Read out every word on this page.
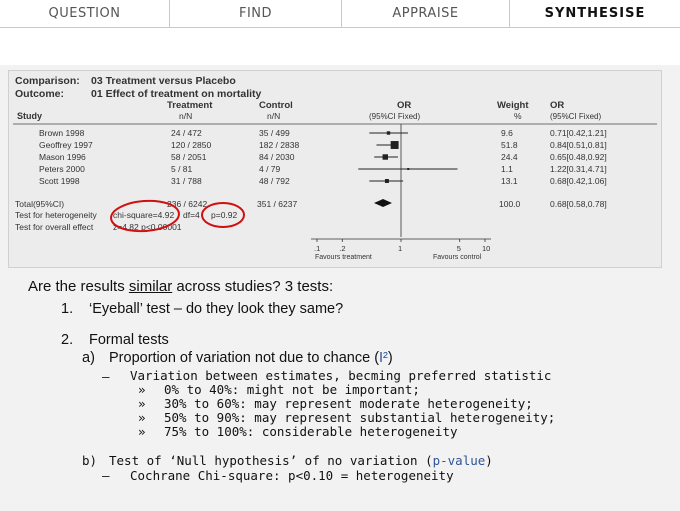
QUESTION	FIND	APPRAISE	SYNTHESISE
Comparison: 03 Treatment versus Placebo
Outcome:	01 Effect of treatment on mortality
Treatment	Control	OR	Weight OR
Study	n/N	n/N	(95%CI Fixed)	%	(95%CI Fixed)
Brown 1998	24 / 472	35 / 499	9.6	0.71[0.42,1.21]
Geoffrey 1997	120 / 2850	182 / 2838	51.8	0.84[0.51,0.81]
Mason 1996	58 / 2051	84 / 2030	24.4	0.65[0.48,0.92]
Peters 2000	5 / 81	4 / 79	1.1	1.22[0.31,4.71]
Scott 1998	31 / 788	48 / 792	13.1	0.68[0.42,1.06]
.1	.2	1	5	10
Favours treatment	Favours control
Total(95%CI)	236 / 6242	351 / 6237	100.0	0.68[0.58,0.78]
Test for heterogeneity chi-square=4.92 df=4 p=0.92
Test for overall effect z=4.82 p<0.00001
Are the results similar across studies? 3 tests:
1. ‘Eyeball’ test – do they look they same?
2. Formal tests
a) Proportion of variation not due to chance (I²)
– Variation between estimates, becming preferred statistic
» 0% to 40%: might not be important;
» 30% to 60%: may represent moderate heterogeneity;
» 50% to 90%: may represent substantial heterogeneity;
» 75% to 100%: considerable heterogeneity
b) Test of ‘Null hypothesis’ of no variation (p-value)
– Cochrane Chi-square: p<0.10 = heterogeneity
